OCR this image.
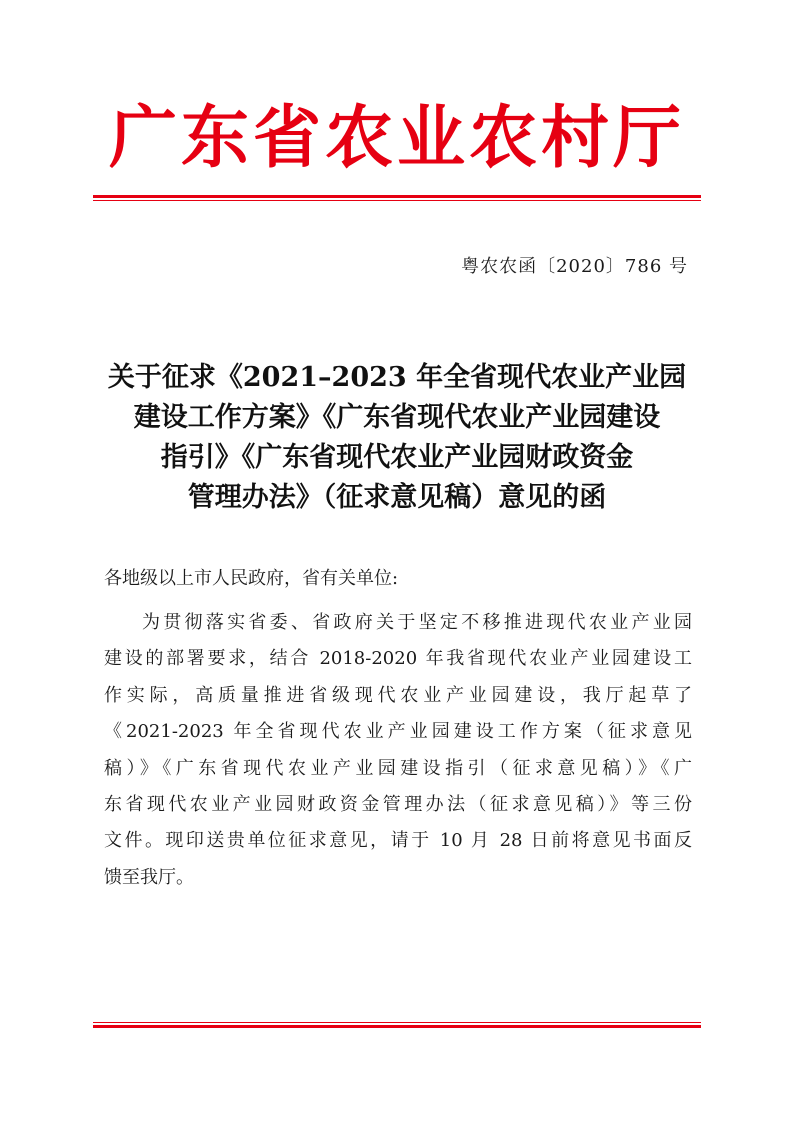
广东省农业农村厅
粤农农函〔2020〕786 号
关于征求《2021–2023 年全省现代农业产业园
建设工作方案》《广东省现代农业产业园建设
指引》《广东省现代农业产业园财政资金
管理办法》（征求意见稿）意见的函
各地级以上市人民政府，省有关单位:
为贯彻落实省委、省政府关于坚定不移推进现代农业产业园
建设的部署要求，结合 2018-2020 年我省现代农业产业园建设工
作实际，高质量推进省级现代农业产业园建设，我厅起草了
《2021-2023 年全省现代农业产业园建设工作方案（征求意见
稿）》《广东省现代农业产业园建设指引（征求意见稿）》《广
东省现代农业产业园财政资金管理办法（征求意见稿）》等三份
文件。现印送贵单位征求意见，请于 10 月 28 日前将意见书面反
馈至我厅。
